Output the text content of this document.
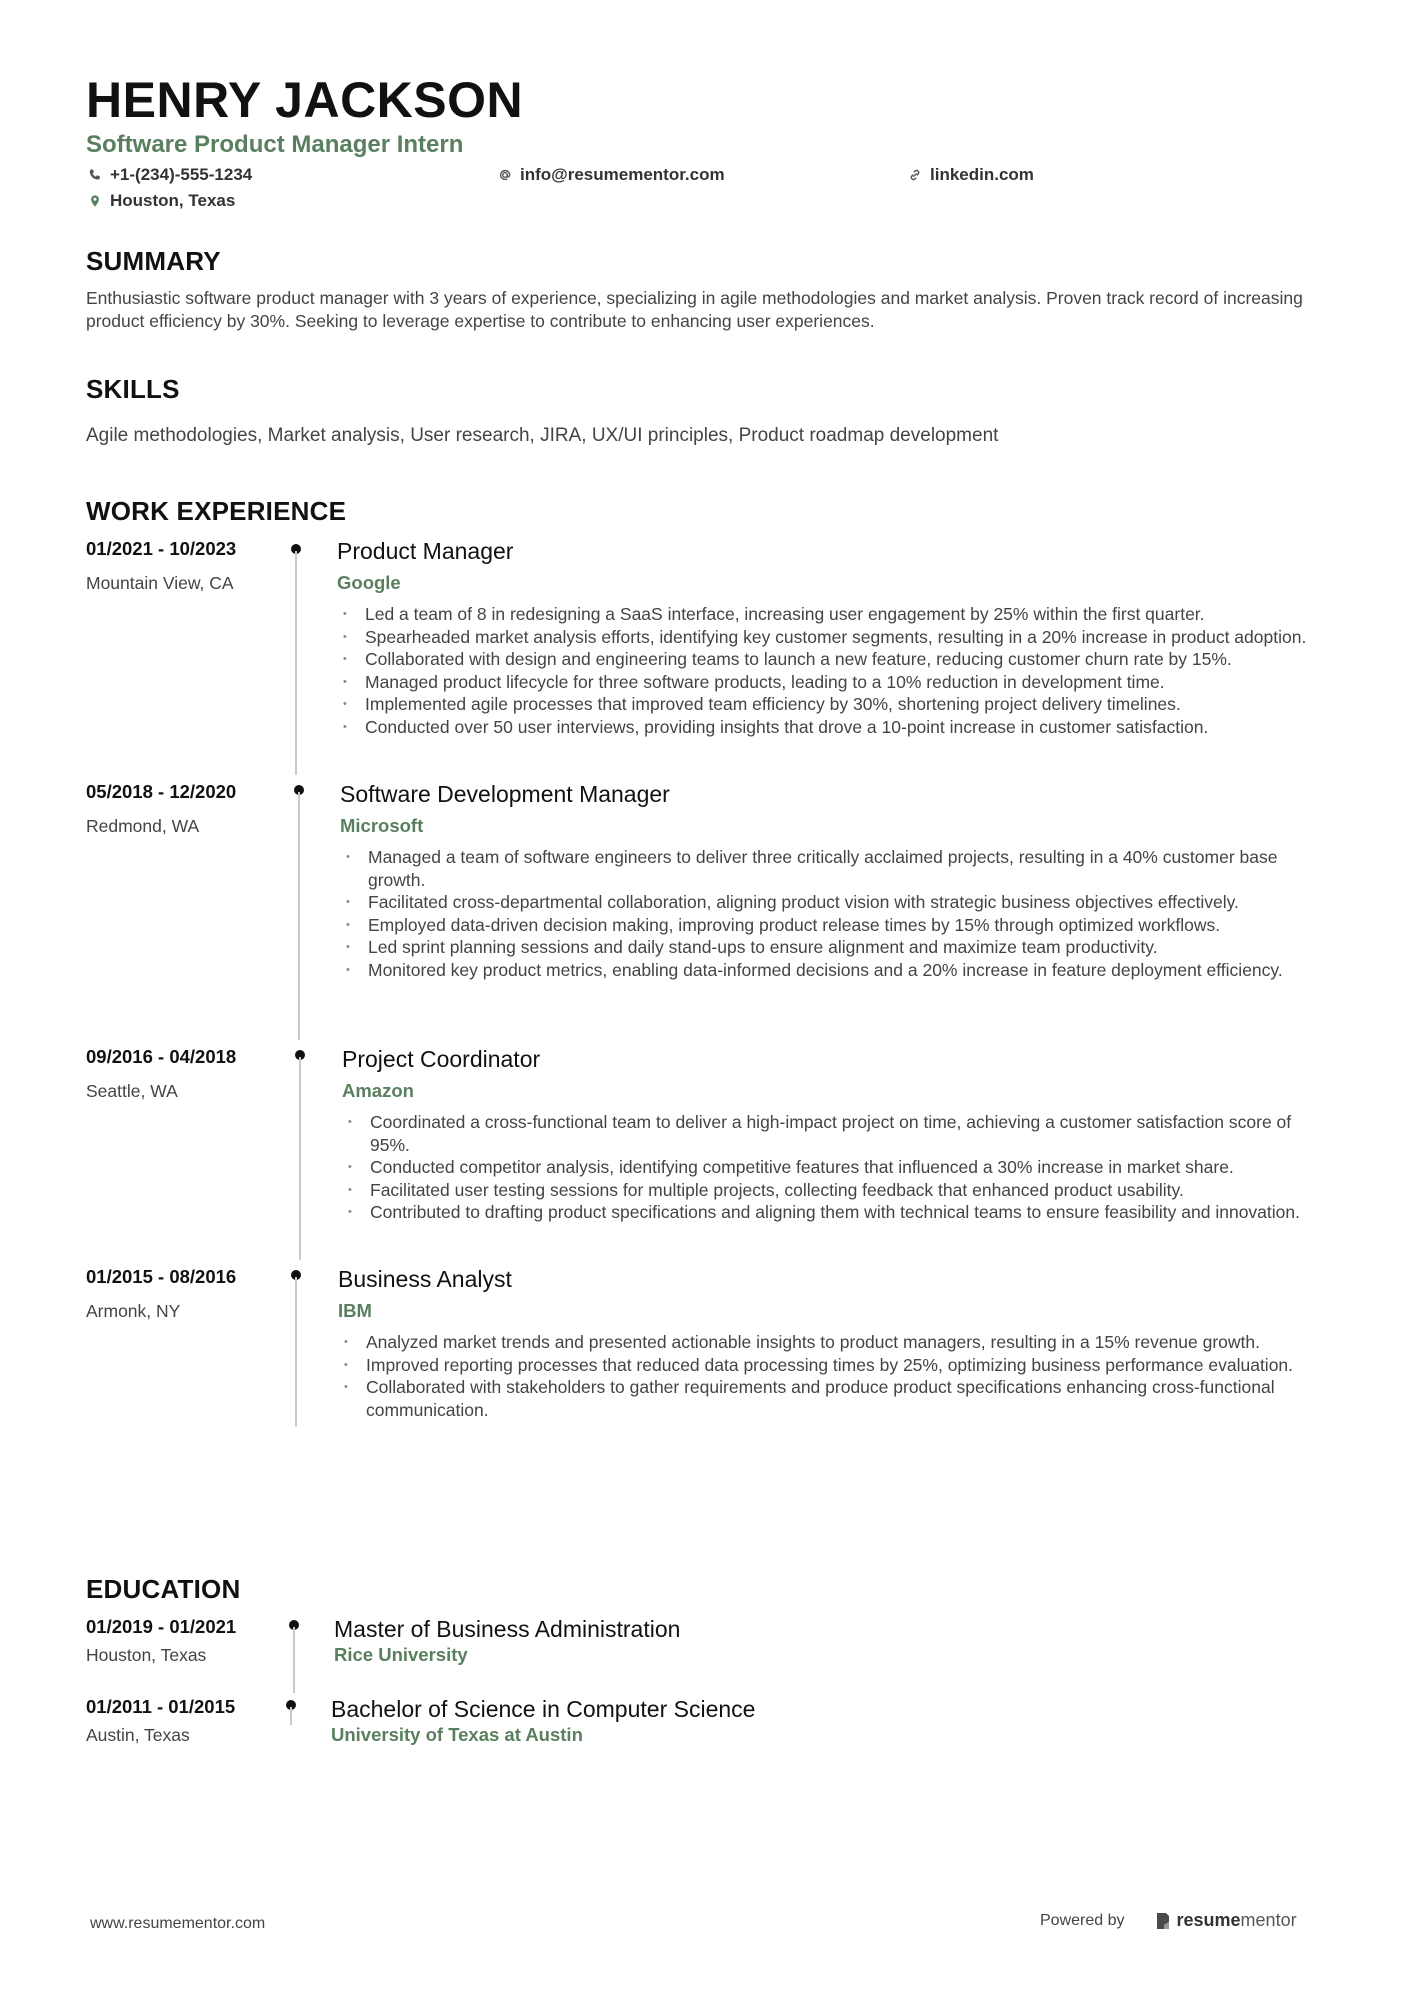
HENRY JACKSON
Software Product Manager Intern
+1-(234)-555-1234	info@resumementor.com	linkedin.com
Houston, Texas
SUMMARY

Enthusiastic software product manager with 3 years of experience, specializing in agile methodologies and market analysis. Proven track record of increasing product efficiency by 30%. Seeking to leverage expertise to contribute to enhancing user experiences.

SKILLS

Agile methodologies, Market analysis, User research, JIRA, UX/UI principles, Product roadmap development

WORK EXPERIENCE
01/2021 - 10/2023
Mountain View, CA
Product Manager
Google
• Led a team of 8 in redesigning a SaaS interface, increasing user engagement by 25% within the first quarter.
• Spearheaded market analysis efforts, identifying key customer segments, resulting in a 20% increase in product adoption.
• Collaborated with design and engineering teams to launch a new feature, reducing customer churn rate by 15%.
• Managed product lifecycle for three software products, leading to a 10% reduction in development time.
• Implemented agile processes that improved team efficiency by 30%, shortening project delivery timelines.
• Conducted over 50 user interviews, providing insights that drove a 10-point increase in customer satisfaction.
05/2018 - 12/2020
Redmond, WA
Software Development Manager
Microsoft
• Managed a team of software engineers to deliver three critically acclaimed projects, resulting in a 40% customer base growth.
• Facilitated cross-departmental collaboration, aligning product vision with strategic business objectives effectively.
• Employed data-driven decision making, improving product release times by 15% through optimized workflows.
• Led sprint planning sessions and daily stand-ups to ensure alignment and maximize team productivity.
• Monitored key product metrics, enabling data-informed decisions and a 20% increase in feature deployment efficiency.
09/2016 - 04/2018
Seattle, WA
Project Coordinator
Amazon
• Coordinated a cross-functional team to deliver a high-impact project on time, achieving a customer satisfaction score of 95%.
• Conducted competitor analysis, identifying competitive features that influenced a 30% increase in market share.
• Facilitated user testing sessions for multiple projects, collecting feedback that enhanced product usability.
• Contributed to drafting product specifications and aligning them with technical teams to ensure feasibility and innovation.
01/2015 - 08/2016
Armonk, NY
Business Analyst
IBM
• Analyzed market trends and presented actionable insights to product managers, resulting in a 15% revenue growth.
• Improved reporting processes that reduced data processing times by 25%, optimizing business performance evaluation.
• Collaborated with stakeholders to gather requirements and produce product specifications enhancing cross-functional communication.
EDUCATION
01/2019 - 01/2021
Houston, Texas
Master of Business Administration
Rice University
01/2011 - 01/2015
Austin, Texas
Bachelor of Science in Computer Science
University of Texas at Austin
www.resumementor.com	Powered by	resume mentor
